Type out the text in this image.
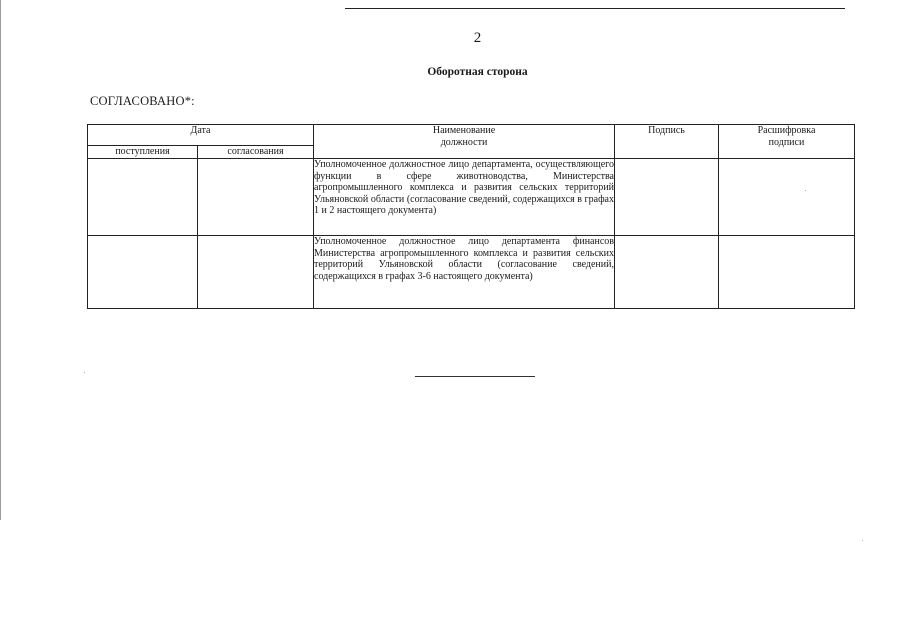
2
Оборотная сторона
СОГЛАСОВАНО*:
Дата		Наименование должности	Подпись	Расшифровка подписи

поступления	согласования			
		Уполномоченное должностное лицо департамента, осуществляющего функции в сфере животноводства, Министерства агропромышленного комплекса и развития сельских территорий Ульяновской области (согласование сведений, содержащихся в графах 1 и 2 настоящего документа)		
		Уполномоченное должностное лицо департамента финансов Министерства агропромышленного комплекса и развития сельских территорий Ульяновской области (согласование сведений, содержащихся в графах 3-6 настоящего документа)		
